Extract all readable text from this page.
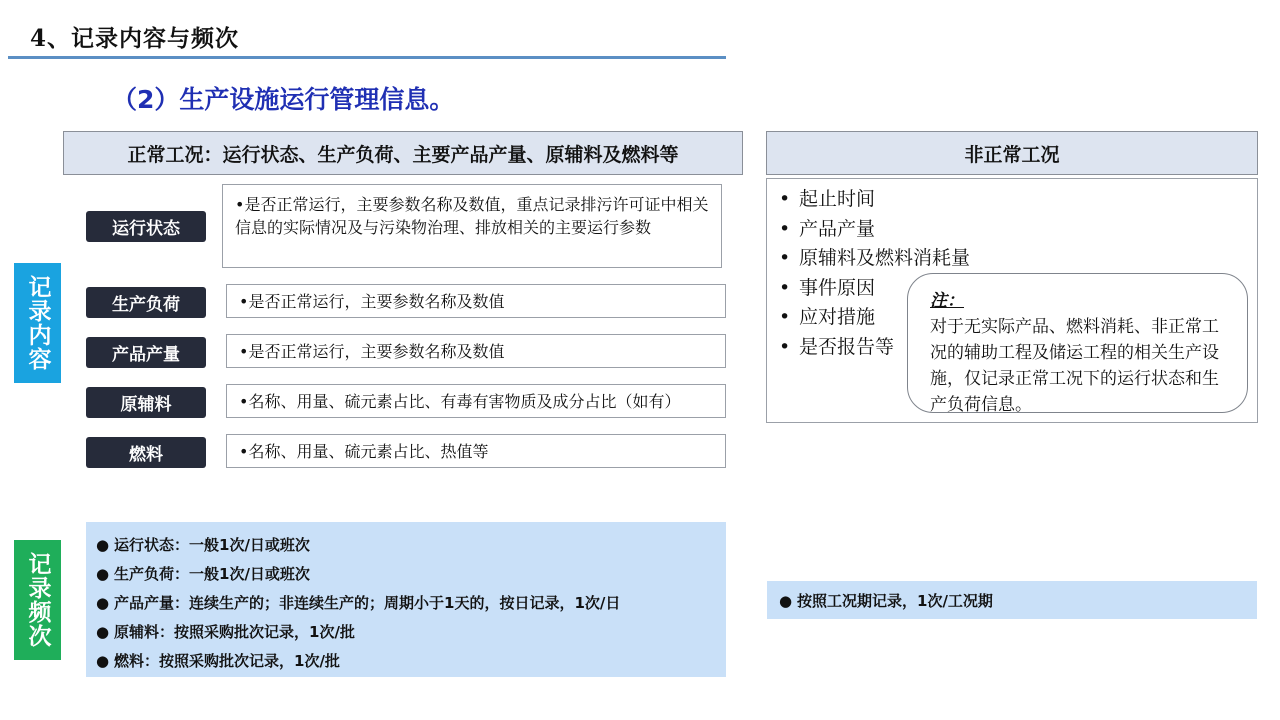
4、记录内容与频次
（2）生产设施运行管理信息。
正常工况：运行状态、生产负荷、主要产品产量、原辅料及燃料等	非正常工况
记录内容
记录频次
运行状态
•是否正常运行，主要参数名称及数值，重点记录排污许可证中相关信息的实际情况及与污染物治理、排放相关的主要运行参数
生产负荷	•是否正常运行，主要参数名称及数值
产品产量	•是否正常运行，主要参数名称及数值
原辅料	•名称、用量、硫元素占比、有毒有害物质及成分占比（如有）
燃料	•名称、用量、硫元素占比、热值等
• 起止时间
• 产品产量
• 原辅料及燃料消耗量
• 事件原因
• 应对措施
• 是否报告等
注：
对于无实际产品、燃料消耗、非正常工况的辅助工程及储运工程的相关生产设施，仅记录正常工况下的运行状态和生产负荷信息。
● 运行状态：一般1次/日或班次
● 生产负荷：一般1次/日或班次
● 产品产量：连续生产的；非连续生产的；周期小于1天的，按日记录，1次/日
● 原辅料：按照采购批次记录，1次/批
● 燃料：按照采购批次记录，1次/批
● 按照工况期记录，1次/工况期
